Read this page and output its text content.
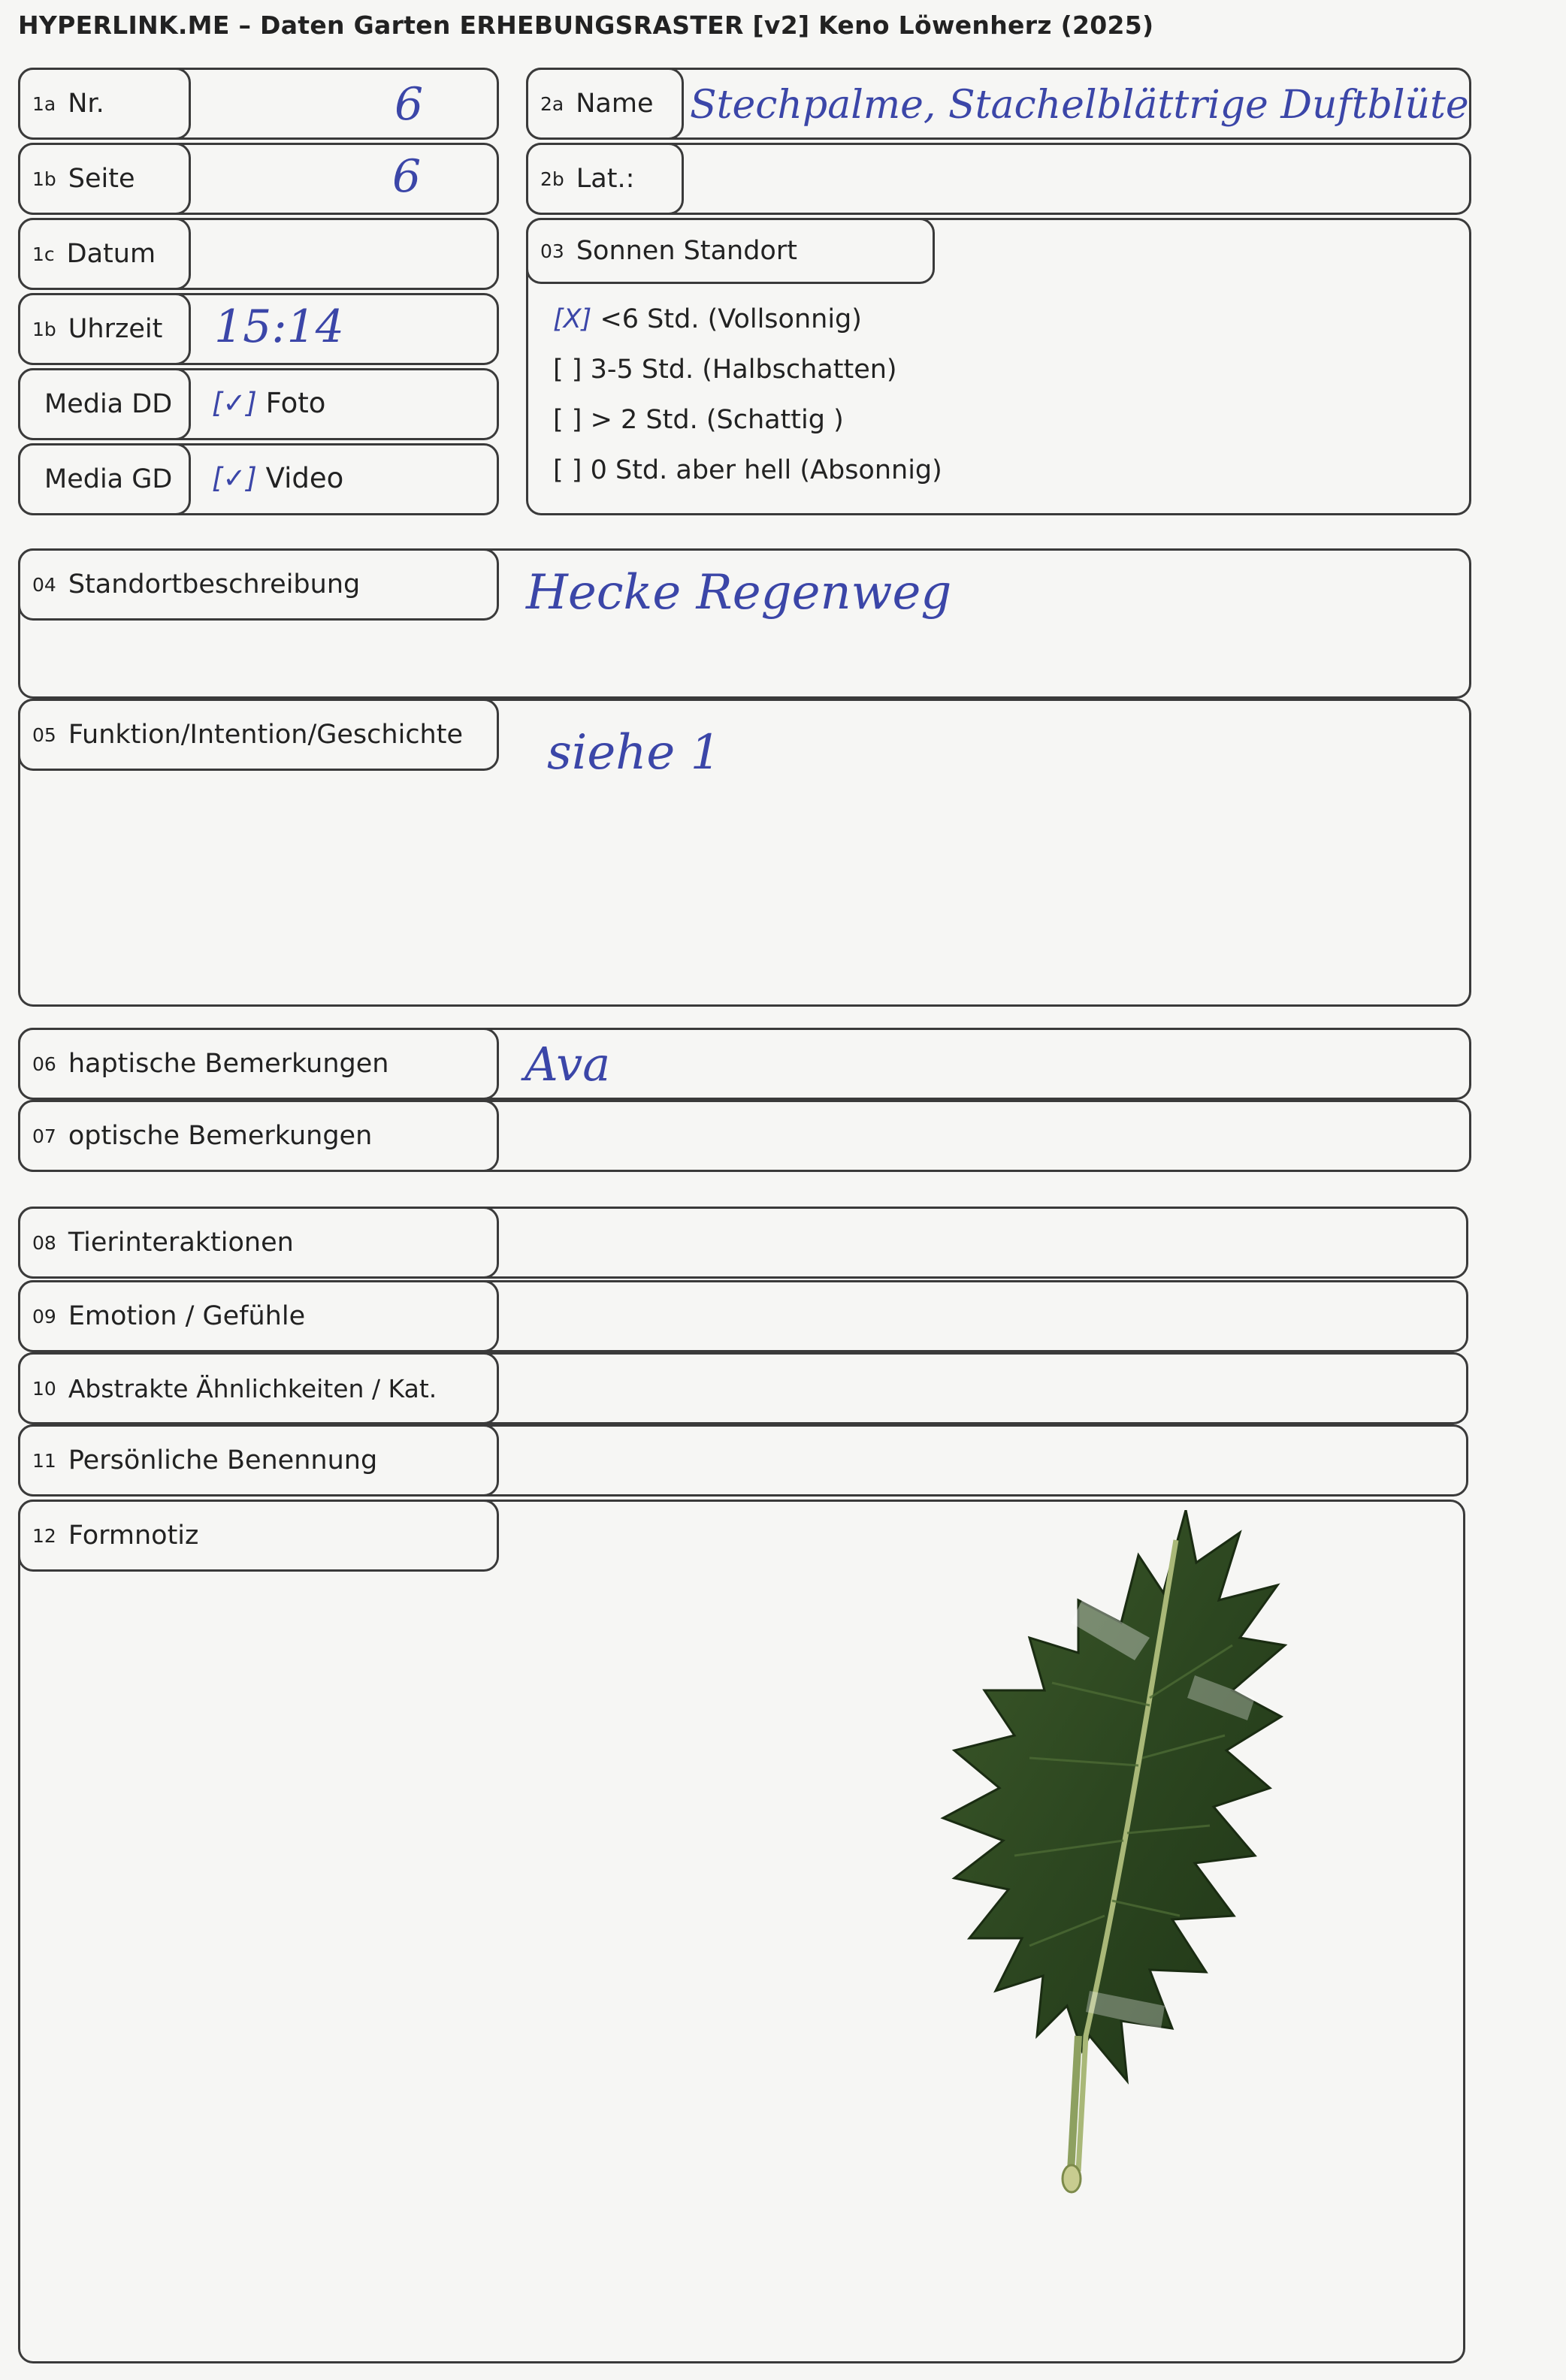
HYPERLINK.ME – Daten Garten ERHEBUNGSRASTER [v2] Keno Löwenherz (2025)
1a Nr.	6
1b Seite	6
1c Datum
1b Uhrzeit 15:14
Media DD [✓] Foto
Media GD [✓] Video
2a Name Stechpalme, Stachelblättrige Duftblüte
2b Lat.:
03 Sonnen Standort
[X] <6 Std. (Vollsonnig)
[ ] 3-5 Std. (Halbschatten)
[ ] > 2 Std. (Schattig )
[ ] 0 Std. aber hell (Absonnig)
04 Standortbeschreibung	Hecke Regenweg
05 Funktion/Intention/Geschichte siehe 1
06 haptische Bemerkungen	Ava
07 optische Bemerkungen
08 Tierinteraktionen
09 Emotion / Gefühle
10 Abstrakte Ähnlichkeiten / Kat.
11 Persönliche Benennung
12 Formnotiz
